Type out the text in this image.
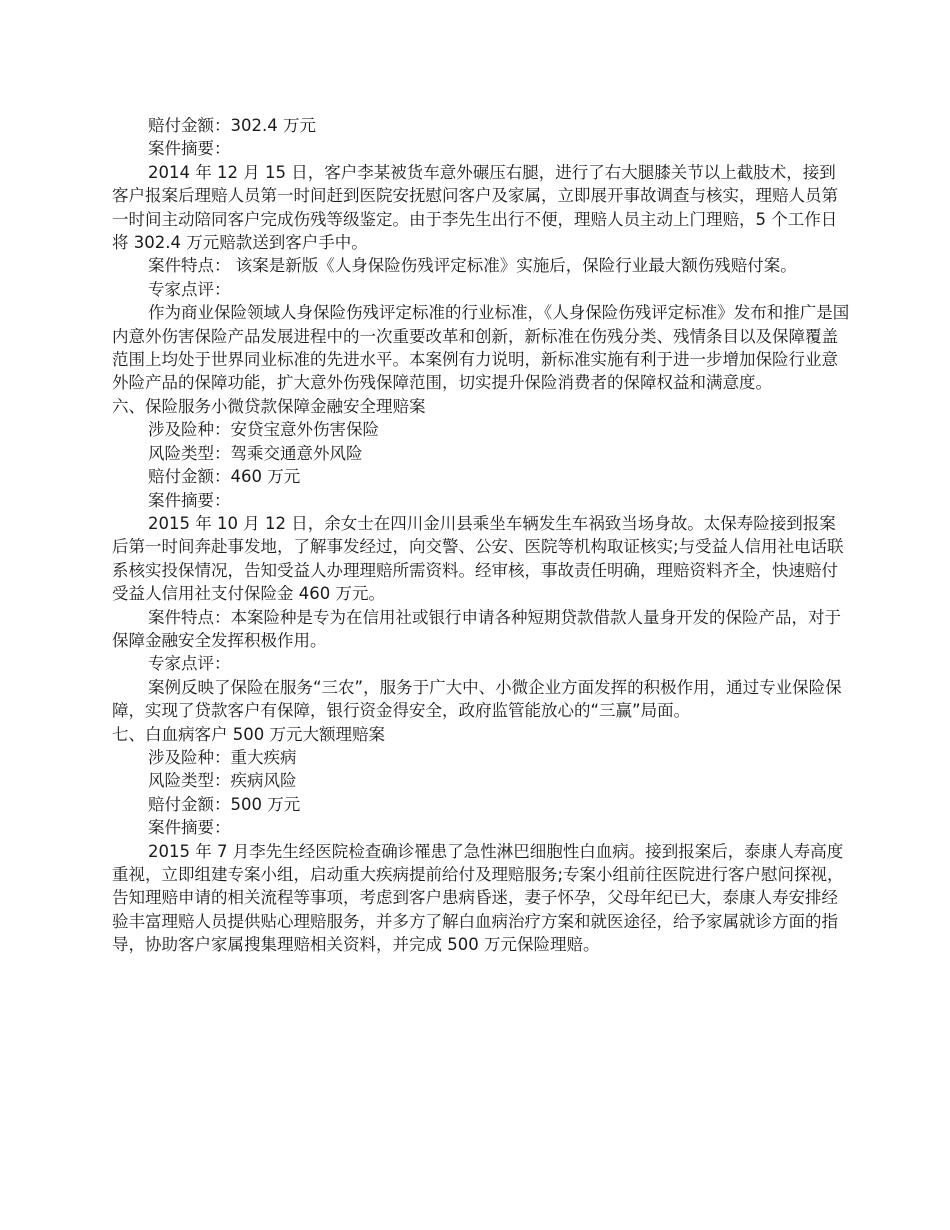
赔付金额：302.4 万元

案件摘要：

2014 年 12 月 15 日，客户李某被货车意外碾压右腿，进行了右大腿膝关节以上截肢术，接到客户报案后理赔人员第一时间赶到医院安抚慰问客户及家属，立即展开事故调查与核实，理赔人员第一时间主动陪同客户完成伤残等级鉴定。由于李先生出行不便，理赔人员主动上门理赔，5 个工作日将 302.4 万元赔款送到客户手中。

案件特点： 该案是新版《人身保险伤残评定标准》实施后，保险行业最大额伤残赔付案。

专家点评：

作为商业保险领域人身保险伤残评定标准的行业标准，《人身保险伤残评定标准》发布和推广是国内意外伤害保险产品发展进程中的一次重要改革和创新，新标准在伤残分类、残情条目以及保障覆盖范围上均处于世界同业标准的先进水平。本案例有力说明，新标准实施有利于进一步增加保险行业意外险产品的保障功能，扩大意外伤残保障范围，切实提升保险消费者的保障权益和满意度。

六、保险服务小微贷款保障金融安全理赔案

涉及险种：安贷宝意外伤害保险

风险类型：驾乘交通意外风险

赔付金额：460 万元

案件摘要：

2015 年 10 月 12 日，余女士在四川金川县乘坐车辆发生车祸致当场身故。太保寿险接到报案后第一时间奔赴事发地，了解事发经过，向交警、公安、医院等机构取证核实;与受益人信用社电话联系核实投保情况，告知受益人办理理赔所需资料。经审核，事故责任明确，理赔资料齐全，快速赔付受益人信用社支付保险金 460 万元。

案件特点：本案险种是专为在信用社或银行申请各种短期贷款借款人量身开发的保险产品，对于保障金融安全发挥积极作用。

专家点评：

案例反映了保险在服务“三农”，服务于广大中、小微企业方面发挥的积极作用，通过专业保险保障，实现了贷款客户有保障，银行资金得安全，政府监管能放心的“三赢”局面。

七、白血病客户 500 万元大额理赔案

涉及险种：重大疾病

风险类型：疾病风险

赔付金额：500 万元

案件摘要：

2015 年 7 月李先生经医院检查确诊罹患了急性淋巴细胞性白血病。接到报案后，泰康人寿高度重视，立即组建专案小组，启动重大疾病提前给付及理赔服务;专案小组前往医院进行客户慰问探视，告知理赔申请的相关流程等事项，考虑到客户患病昏迷，妻子怀孕，父母年纪已大，泰康人寿安排经验丰富理赔人员提供贴心理赔服务，并多方了解白血病治疗方案和就医途径，给予家属就诊方面的指导，协助客户家属搜集理赔相关资料，并完成 500 万元保险理赔。
